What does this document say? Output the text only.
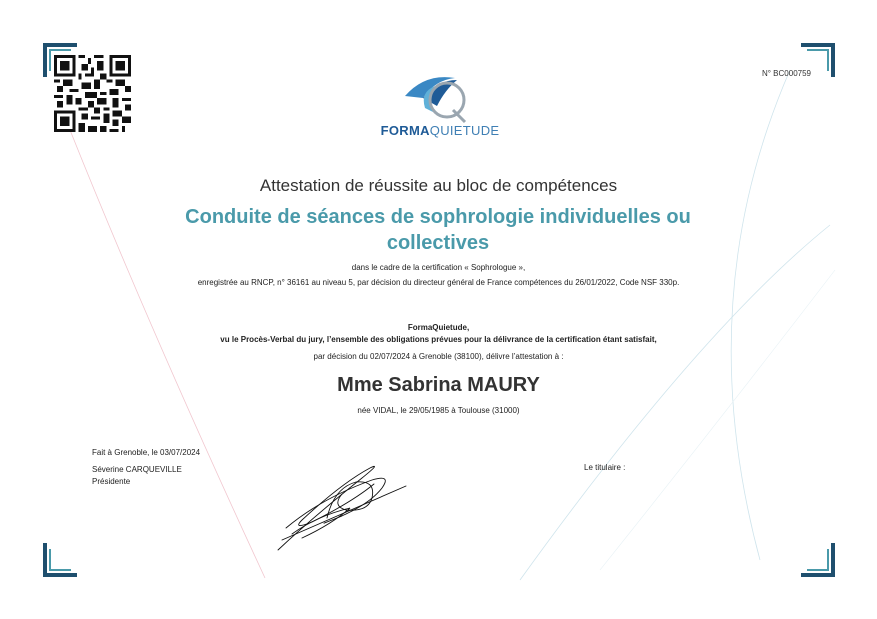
N° BC000759
FORMAQUIETUDE
Attestation de réussite au bloc de compétences
Conduite de séances de sophrologie individuelles ou collectives
dans le cadre de la certification « Sophrologue »,
enregistrée au RNCP, n° 36161 au niveau 5, par décision du directeur général de France compétences du 26/01/2022, Code NSF 330p.
FormaQuietude,
vu le Procès-Verbal du jury, l’ensemble des obligations prévues pour la délivrance de la certification étant satisfait,
par décision du 02/07/2024 à Grenoble (38100), délivre l’attestation à :
Mme Sabrina MAURY
née VIDAL, le 29/05/1985 à Toulouse (31000)
Fait à Grenoble, le 03/07/2024
Séverine CARQUEVILLE
Présidente
Le titulaire :
